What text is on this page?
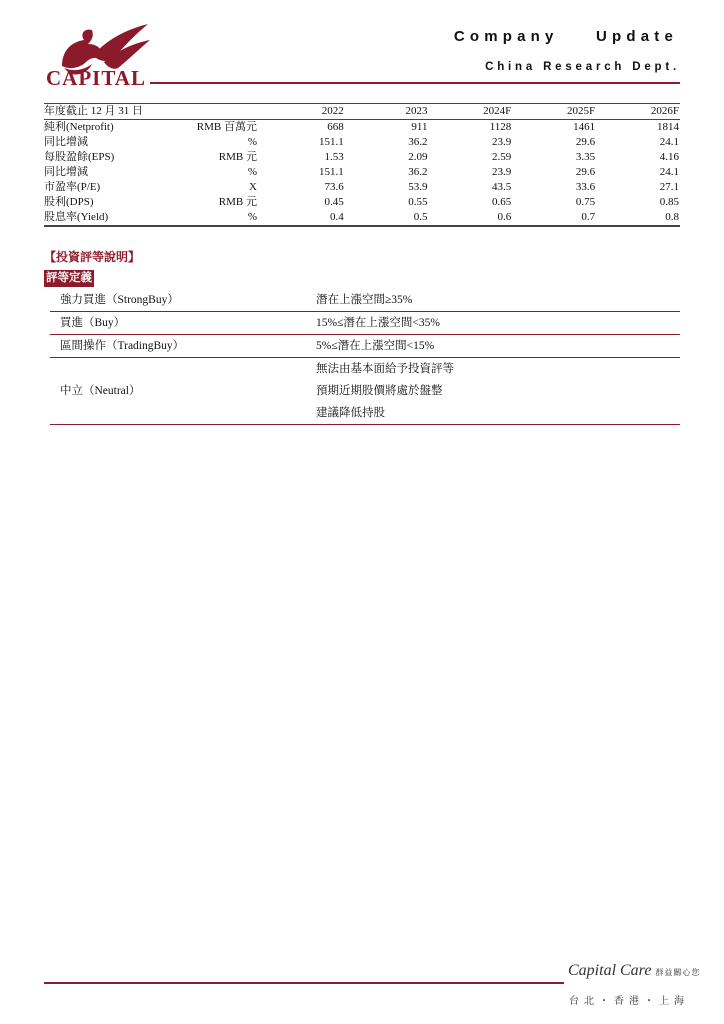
CAPITAL
Company Update
China Research Dept.
年度截止 12 月 31 日		2022	2023	2024F	2025F	2026F
純利(Netprofit)	RMB 百萬元	668	911	1128	1461	1814
同比增減	%	151.1	36.2	23.9	29.6	24.1
每股盈餘(EPS)	RMB 元	1.53	2.09	2.59	3.35	4.16
同比增減	%	151.1	36.2	23.9	29.6	24.1
市盈率(P/E)	X	73.6	53.9	43.5	33.6	27.1
股利(DPS)	RMB 元	0.45	0.55	0.65	0.75	0.85
股息率(Yield)	%	0.4	0.5	0.6	0.7	0.8
【投資評等說明】
評等定義
強力買進（StrongBuy）	潛在上漲空間≥35%

買進（Buy）	15%≤潛在上漲空間<35%

區間操作（TradingBuy）	5%≤潛在上漲空間<15%

中立（Neutral）	無法由基本面給予投資評等
預期近期股價將處於盤整
建議降低持股
Capital Care 群益關心您
台北・香港・上海
